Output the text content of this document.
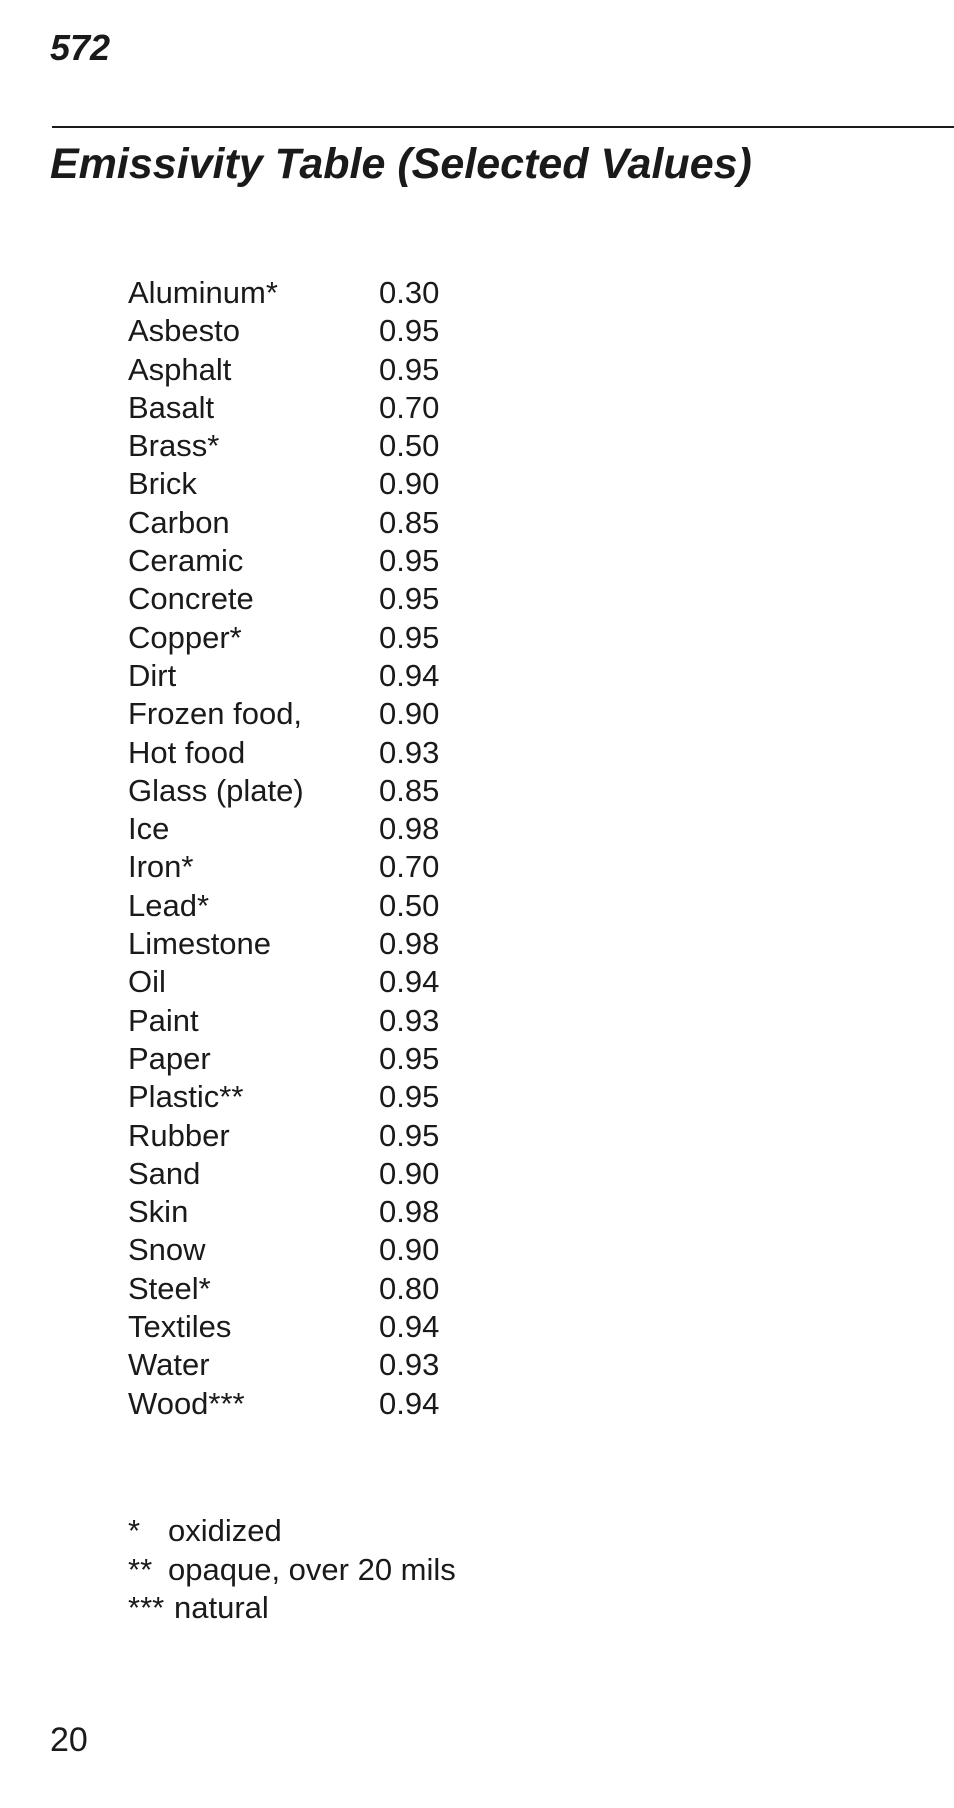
572
Emissivity Table (Selected Values)
Aluminum*	0.30
Asbesto	0.95
Asphalt	0.95
Basalt	0.70
Brass*	0.50
Brick	0.90
Carbon	0.85
Ceramic	0.95
Concrete	0.95
Copper*	0.95
Dirt	0.94
Frozen food,	0.90
Hot food	0.93
Glass (plate)	0.85
Ice	0.98
Iron*	0.70
Lead*	0.50
Limestone	0.98
Oil	0.94
Paint	0.93
Paper	0.95
Plastic**	0.95
Rubber	0.95
Sand	0.90
Skin	0.98
Snow	0.90
Steel*	0.80
Textiles	0.94
Water	0.93
Wood***	0.94
* oxidized
** opaque, over 20 mils
*** natural
20
